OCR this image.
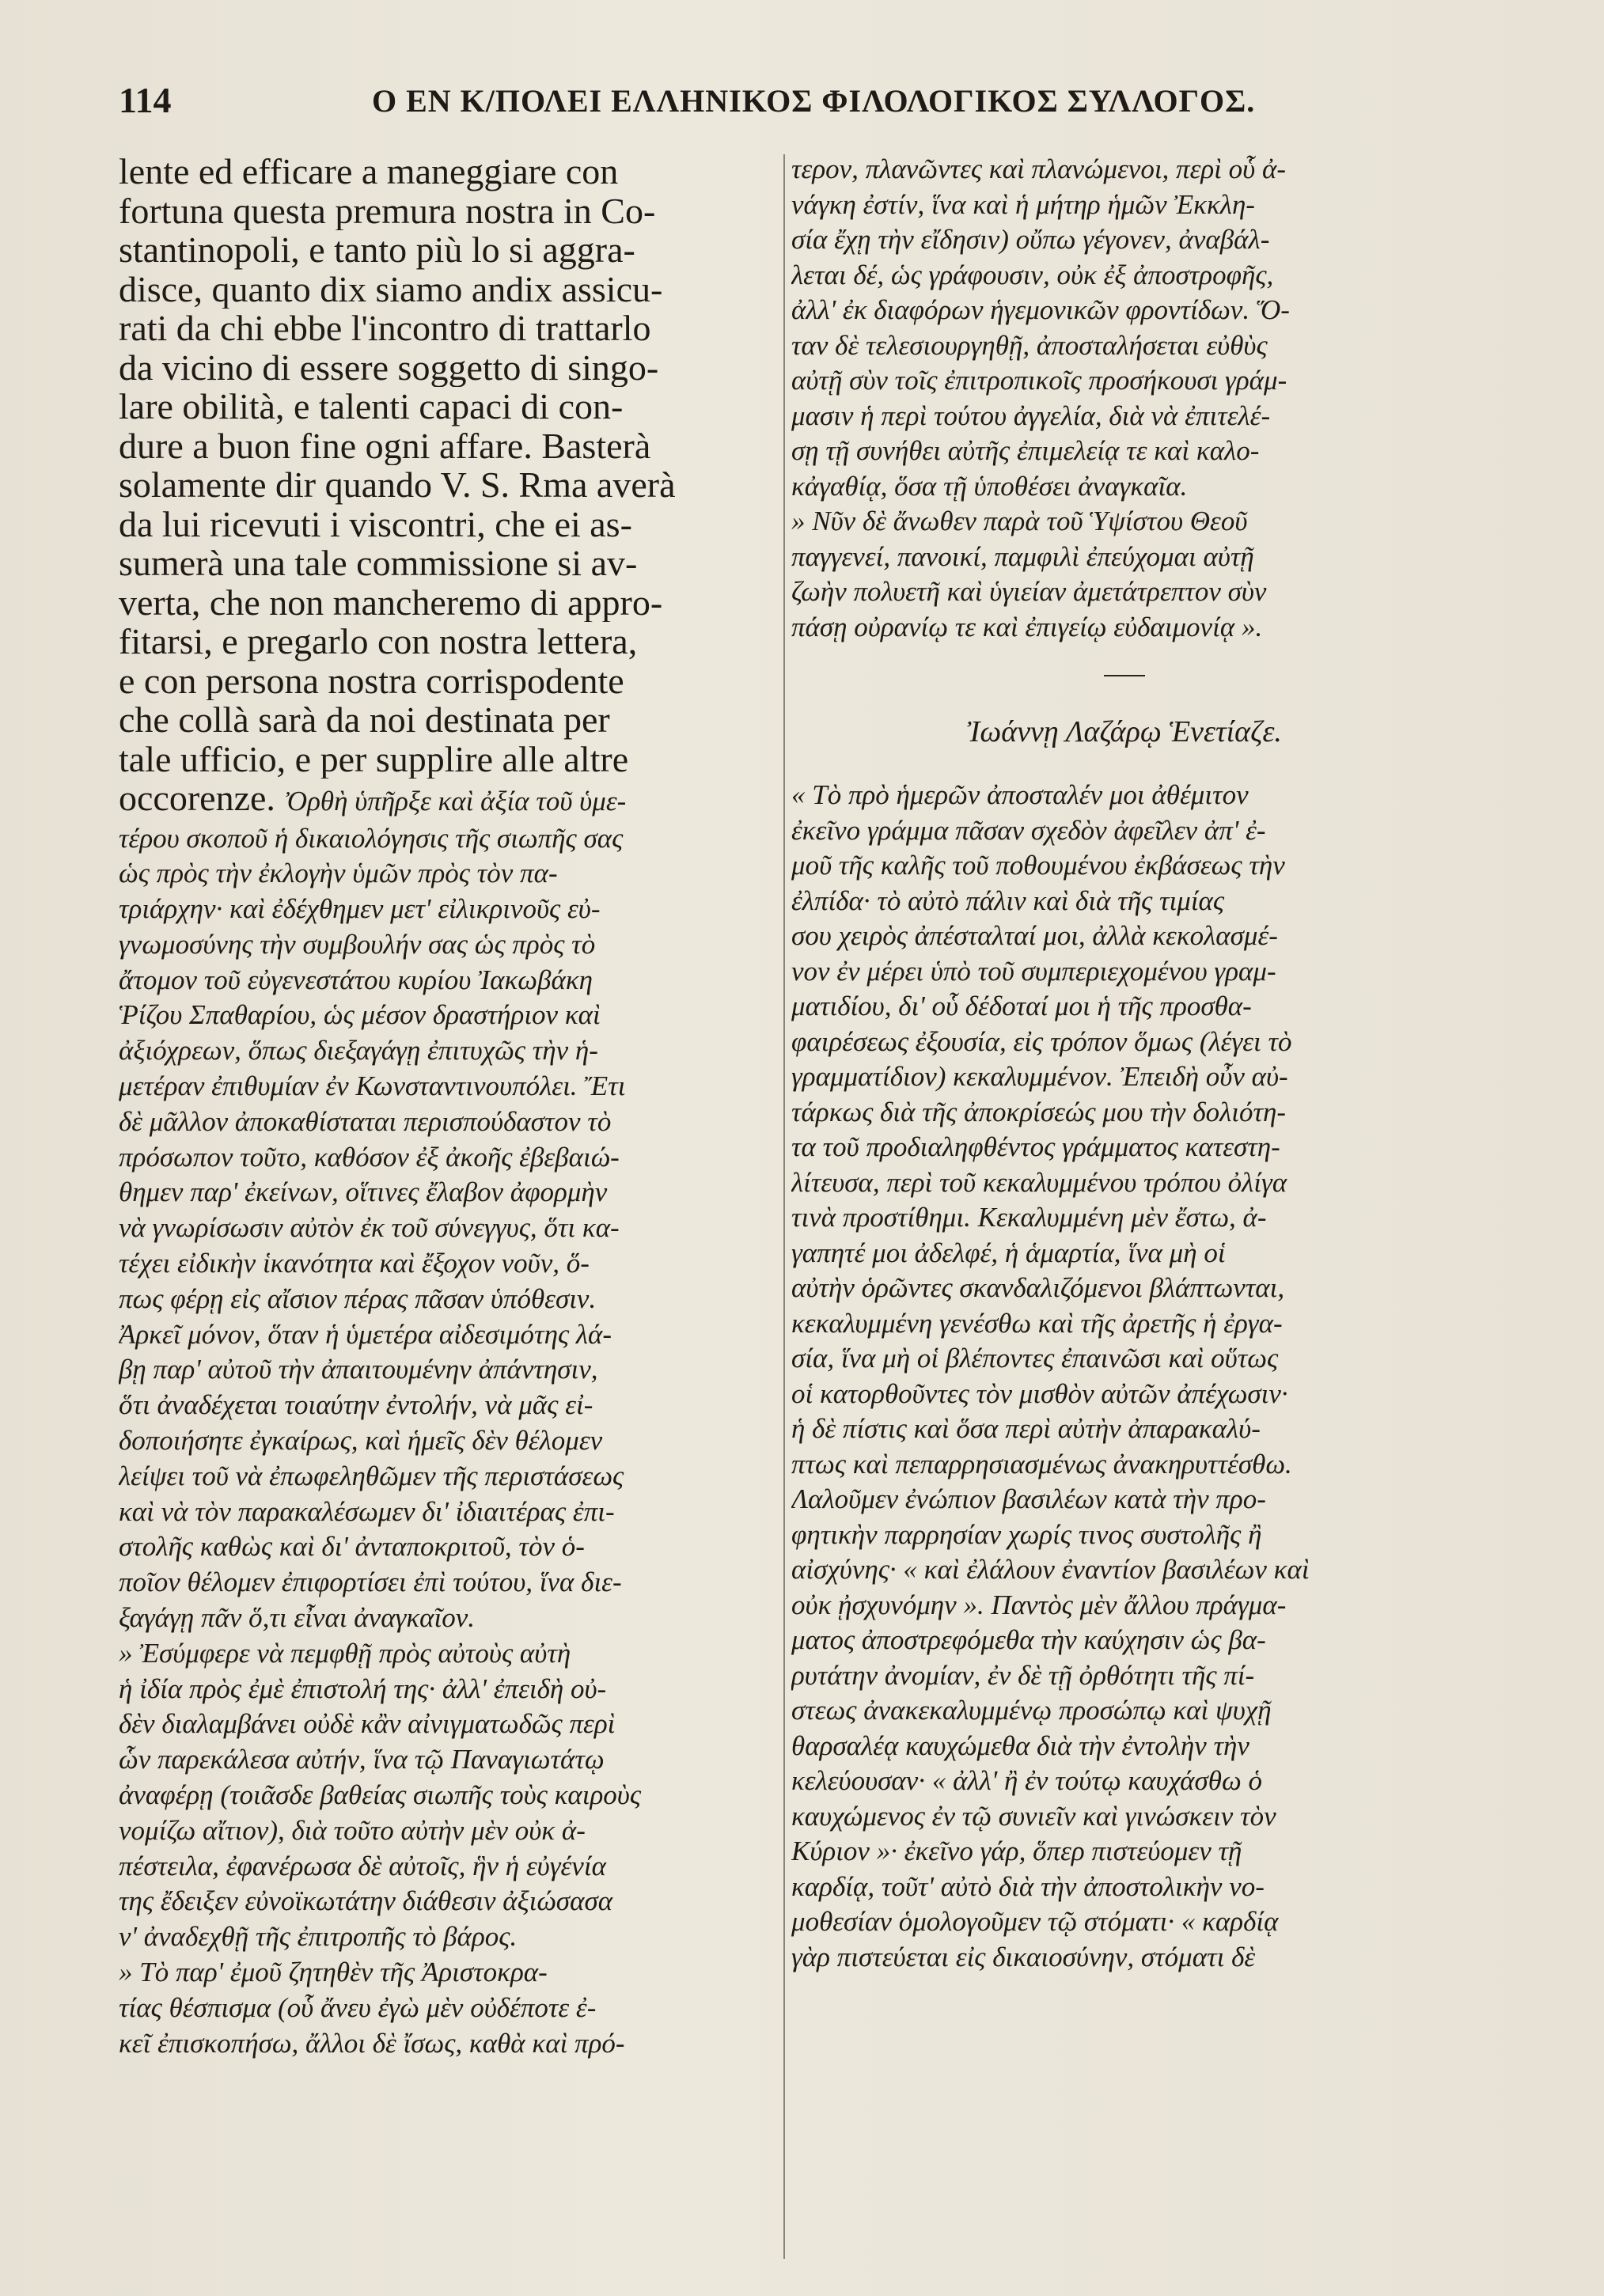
114	Ο ΕΝ Κ/ΠΟΛΕΙ ΕΛΛΗΝΙΚΟΣ ΦΙΛΟΛΟΓΙΚΟΣ ΣΥΛΛΟΓΟΣ.
lente ed efficare a maneggiare con
fortuna questa premura nostra in Co-
stantinopoli, e tanto più lo si aggra-
disce, quanto dix siamo andix assicu-
rati da chi ebbe l'incontro di trattarlo
da vicino di essere soggetto di singo-
lare obilità, e talenti capaci di con-
dure a buon fine ogni affare. Basterà
solamente dir quando V. S. Rma averà
da lui ricevuti i viscontri, che ei as-
sumerà una tale commissione si av-
verta, che non mancheremo di appro-
fitarsi, e pregarlo con nostra lettera,
e con persona nostra corrispodente
che collà sarà da noi destinata per
tale ufficio, e per supplire alle altre
occorenze. Ὀρθὴ ὑπῆρξε καὶ ἀξία τοῦ ὑμε-
τέρου σκοποῦ ἡ δικαιολόγησις τῆς σιωπῆς σας
ὡς πρὸς τὴν ἐκλογὴν ὑμῶν πρὸς τὸν πα-
τριάρχην· καὶ ἐδέχθημεν μετ' εἰλικρινοῦς εὐ-
γνωμοσύνης τὴν συμβουλήν σας ὡς πρὸς τὸ
ἄτομον τοῦ εὐγενεστάτου κυρίου Ἰακωβάκη
Ῥίζου Σπαθαρίου, ὡς μέσον δραστήριον καὶ
ἀξιόχρεων, ὅπως διεξαγάγῃ ἐπιτυχῶς τὴν ἡ-
μετέραν ἐπιθυμίαν ἐν Κωνσταντινουπόλει. Ἔτι
δὲ μᾶλλον ἀποκαθίσταται περισπούδαστον τὸ
πρόσωπον τοῦτο, καθόσον ἐξ ἀκοῆς ἐβεβαιώ-
θημεν παρ' ἐκείνων, οἵτινες ἔλαβον ἀφορμὴν
νὰ γνωρίσωσιν αὐτὸν ἐκ τοῦ σύνεγγυς, ὅτι κα-
τέχει εἰδικὴν ἱκανότητα καὶ ἔξοχον νοῦν, ὅ-
πως φέρῃ εἰς αἴσιον πέρας πᾶσαν ὑπόθεσιν.
Ἀρκεῖ μόνον, ὅταν ἡ ὑμετέρα αἰδεσιμότης λά-
βῃ παρ' αὐτοῦ τὴν ἀπαιτουμένην ἀπάντησιν,
ὅτι ἀναδέχεται τοιαύτην ἐντολήν, νὰ μᾶς εἰ-
δοποιήσητε ἐγκαίρως, καὶ ἡμεῖς δὲν θέλομεν
λείψει τοῦ νὰ ἐπωφεληθῶμεν τῆς περιστάσεως
καὶ νὰ τὸν παρακαλέσωμεν δι' ἰδιαιτέρας ἐπι-
στολῆς καθὼς καὶ δι' ἀνταποκριτοῦ, τὸν ὁ-
ποῖον θέλομεν ἐπιφορτίσει ἐπὶ τούτου, ἵνα διε-
ξαγάγῃ πᾶν ὅ,τι εἶναι ἀναγκαῖον.
» Ἐσύμφερε νὰ πεμφθῇ πρὸς αὐτοὺς αὐτὴ
ἡ ἰδία πρὸς ἐμὲ ἐπιστολή της· ἀλλ' ἐπειδὴ οὐ-
δὲν διαλαμβάνει οὐδὲ κἂν αἰνιγματωδῶς περὶ
ὧν παρεκάλεσα αὐτήν, ἵνα τῷ Παναγιωτάτῳ
ἀναφέρῃ (τοιᾶσδε βαθείας σιωπῆς τοὺς καιροὺς
νομίζω αἴτιον), διὰ τοῦτο αὐτὴν μὲν οὐκ ἀ-
πέστειλα, ἐφανέρωσα δὲ αὐτοῖς, ἣν ἡ εὐγένία
της ἔδειξεν εὐνοϊκωτάτην διάθεσιν ἀξιώσασα
ν' ἀναδεχθῇ τῆς ἐπιτροπῆς τὸ βάρος.
» Τὸ παρ' ἐμοῦ ζητηθὲν τῆς Ἀριστοκρα-
τίας θέσπισμα (οὗ ἄνευ ἐγὼ μὲν οὐδέποτε ἐ-
κεῖ ἐπισκοπήσω, ἄλλοι δὲ ἴσως, καθὰ καὶ πρό-
τερον, πλανῶντες καὶ πλανώμενοι, περὶ οὗ ἀ-
νάγκη ἐστίν, ἵνα καὶ ἡ μήτηρ ἡμῶν Ἐκκλη-
σία ἔχῃ τὴν εἴδησιν) οὔπω γέγονεν, ἀναβάλ-
λεται δέ, ὡς γράφουσιν, οὐκ ἐξ ἀποστροφῆς,
ἀλλ' ἐκ διαφόρων ἡγεμονικῶν φροντίδων. Ὅ-
ταν δὲ τελεσιουργηθῇ, ἀποσταλήσεται εὐθὺς
αὐτῇ σὺν τοῖς ἐπιτροπικοῖς προσήκουσι γράμ-
μασιν ἡ περὶ τούτου ἀγγελία, διὰ νὰ ἐπιτελέ-
σῃ τῇ συνήθει αὐτῆς ἐπιμελείᾳ τε καὶ καλο-
κἀγαθίᾳ, ὅσα τῇ ὑποθέσει ἀναγκαῖα.
» Νῦν δὲ ἄνωθεν παρὰ τοῦ Ὑψίστου Θεοῦ
παγγενεί, πανοικί, παμφιλὶ ἐπεύχομαι αὐτῇ
ζωὴν πολυετῆ καὶ ὑγιείαν ἀμετάτρεπτον σὺν
πάσῃ οὐρανίῳ τε καὶ ἐπιγείῳ εὐδαιμονίᾳ ».
Ἰωάννῃ Λαζάρῳ Ἑνετίαζε.
« Τὸ πρὸ ἡμερῶν ἀποσταλέν μοι ἀθέμιτον
ἐκεῖνο γράμμα πᾶσαν σχεδὸν ἀφεῖλεν ἀπ' ἐ-
μοῦ τῆς καλῆς τοῦ ποθουμένου ἐκβάσεως τὴν
ἐλπίδα· τὸ αὐτὸ πάλιν καὶ διὰ τῆς τιμίας
σου χειρὸς ἀπέσταλταί μοι, ἀλλὰ κεκολασμέ-
νον ἐν μέρει ὑπὸ τοῦ συμπεριεχομένου γραμ-
ματιδίου, δι' οὗ δέδοταί μοι ἡ τῆς προσθα-
φαιρέσεως ἐξουσία, εἰς τρόπον ὅμως (λέγει τὸ
γραμματίδιον) κεκαλυμμένον. Ἐπειδὴ οὖν αὐ-
τάρκως διὰ τῆς ἀποκρίσεώς μου τὴν δολιότη-
τα τοῦ προδιαληφθέντος γράμματος κατεστη-
λίτευσα, περὶ τοῦ κεκαλυμμένου τρόπου ὀλίγα
τινὰ προστίθημι. Κεκαλυμμένη μὲν ἔστω, ἀ-
γαπητέ μοι ἀδελφέ, ἡ ἁμαρτία, ἵνα μὴ οἱ
αὐτὴν ὁρῶντες σκανδαλιζόμενοι βλάπτωνται,
κεκαλυμμένη γενέσθω καὶ τῆς ἀρετῆς ἡ ἐργα-
σία, ἵνα μὴ οἱ βλέποντες ἐπαινῶσι καὶ οὕτως
οἱ κατορθοῦντες τὸν μισθὸν αὐτῶν ἀπέχωσιν·
ἡ δὲ πίστις καὶ ὅσα περὶ αὐτὴν ἀπαρακαλύ-
πτως καὶ πεπαρρησιασμένως ἀνακηρυττέσθω.
Λαλοῦμεν ἐνώπιον βασιλέων κατὰ τὴν προ-
φητικὴν παρρησίαν χωρίς τινος συστολῆς ἢ
αἰσχύνης· « καὶ ἐλάλουν ἐναντίον βασιλέων καὶ
οὐκ ᾐσχυνόμην ». Παντὸς μὲν ἄλλου πράγμα-
ματος ἀποστρεφόμεθα τὴν καύχησιν ὡς βα-
ρυτάτην ἀνομίαν, ἐν δὲ τῇ ὀρθότητι τῆς πί-
στεως ἀνακεκαλυμμένῳ προσώπῳ καὶ ψυχῇ
θαρσαλέᾳ καυχώμεθα διὰ τὴν ἐντολὴν τὴν
κελεύουσαν· « ἀλλ' ἢ ἐν τούτῳ καυχάσθω ὁ
καυχώμενος ἐν τῷ συνιεῖν καὶ γινώσκειν τὸν
Κύριον »· ἐκεῖνο γάρ, ὅπερ πιστεύομεν τῇ
καρδίᾳ, τοῦτ' αὐτὸ διὰ τὴν ἀποστολικὴν νο-
μοθεσίαν ὁμολογοῦμεν τῷ στόματι· « καρδίᾳ
γὰρ πιστεύεται εἰς δικαιοσύνην, στόματι δὲ
